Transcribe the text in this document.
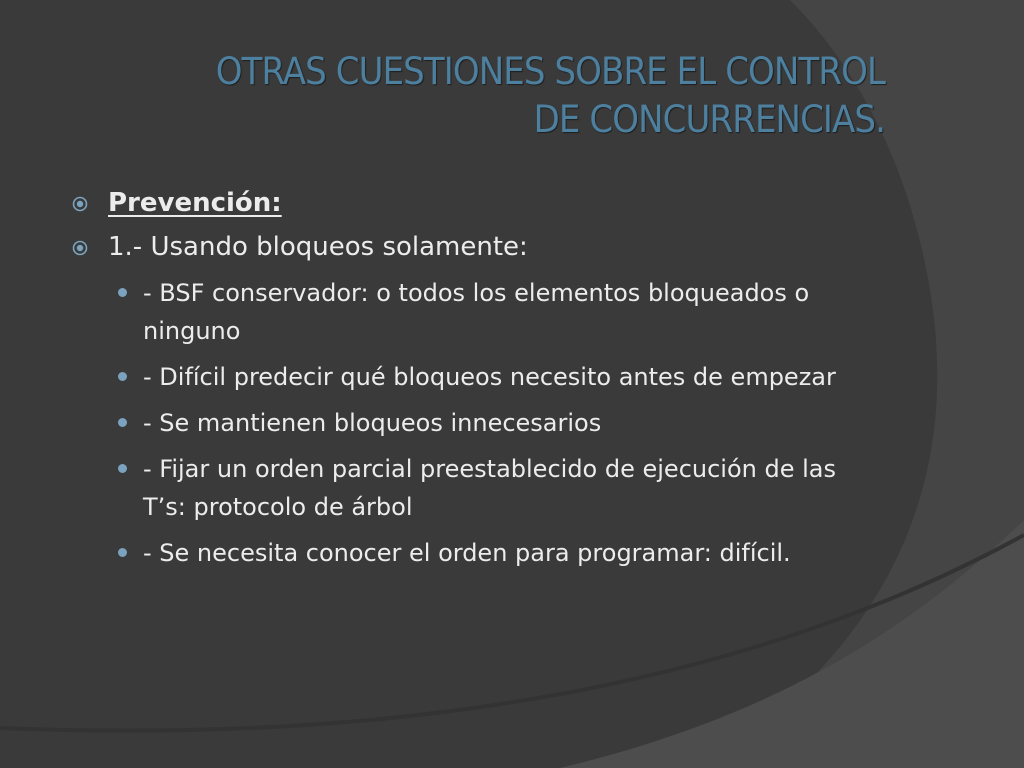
OTRAS CUESTIONES SOBRE EL CONTROL
DE CONCURRENCIAS.
Prevención:
1.- Usando bloqueos solamente:
- BSF conservador: o todos los elementos bloqueados o ninguno
- Difícil predecir qué bloqueos necesito antes de empezar
- Se mantienen bloqueos innecesarios
- Fijar un orden parcial preestablecido de ejecución de las T’s: protocolo de árbol
- Se necesita conocer el orden para programar: difícil.
